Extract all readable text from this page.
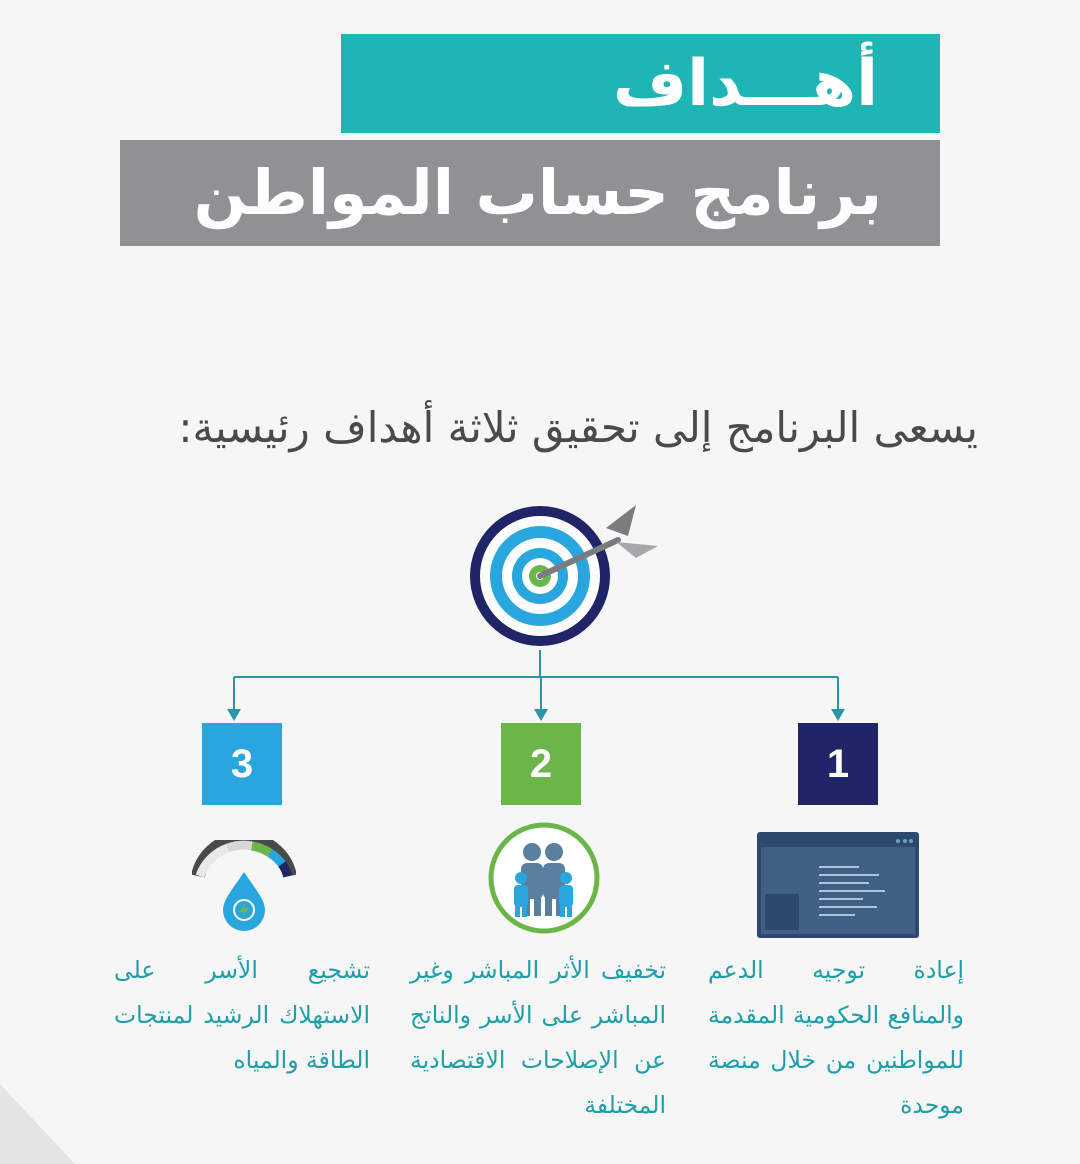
أهـــداف
برنامج حساب المواطن
يسعى البرنامج إلى تحقيق ثلاثة أهداف رئيسية:
1
2
3
إعادة توجيه الدعم والمنافع الحكومية المقدمة للمواطنين من خلال منصة موحدة
تخفيف الأثر المباشر وغير المباشر على الأسر والناتج عن الإصلاحات الاقتصادية المختلفة
تشجيع الأسر على الاستهلاك الرشيد لمنتجات الطاقة والمياه
